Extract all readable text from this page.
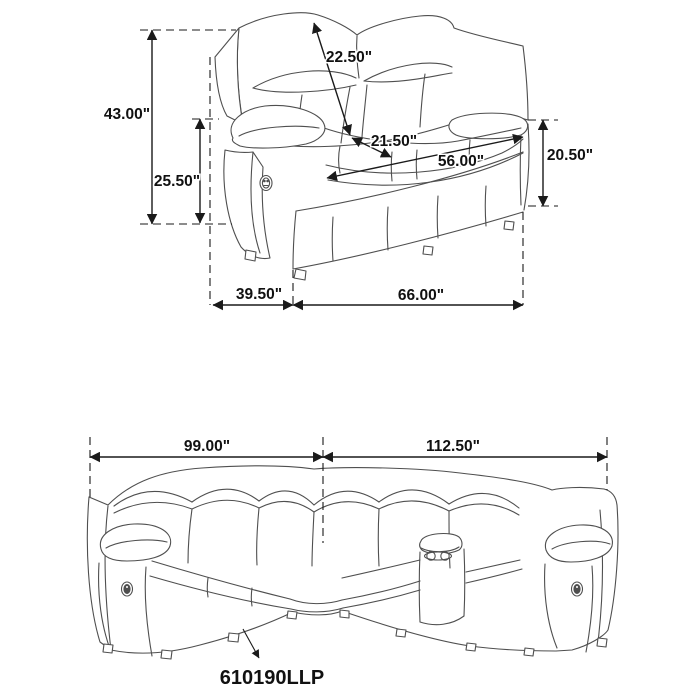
43.00"
25.50"
22.50"
21.50"
56.00"	20.50"
39.50"	66.00"
99.00"	112.50"
610190LLP
